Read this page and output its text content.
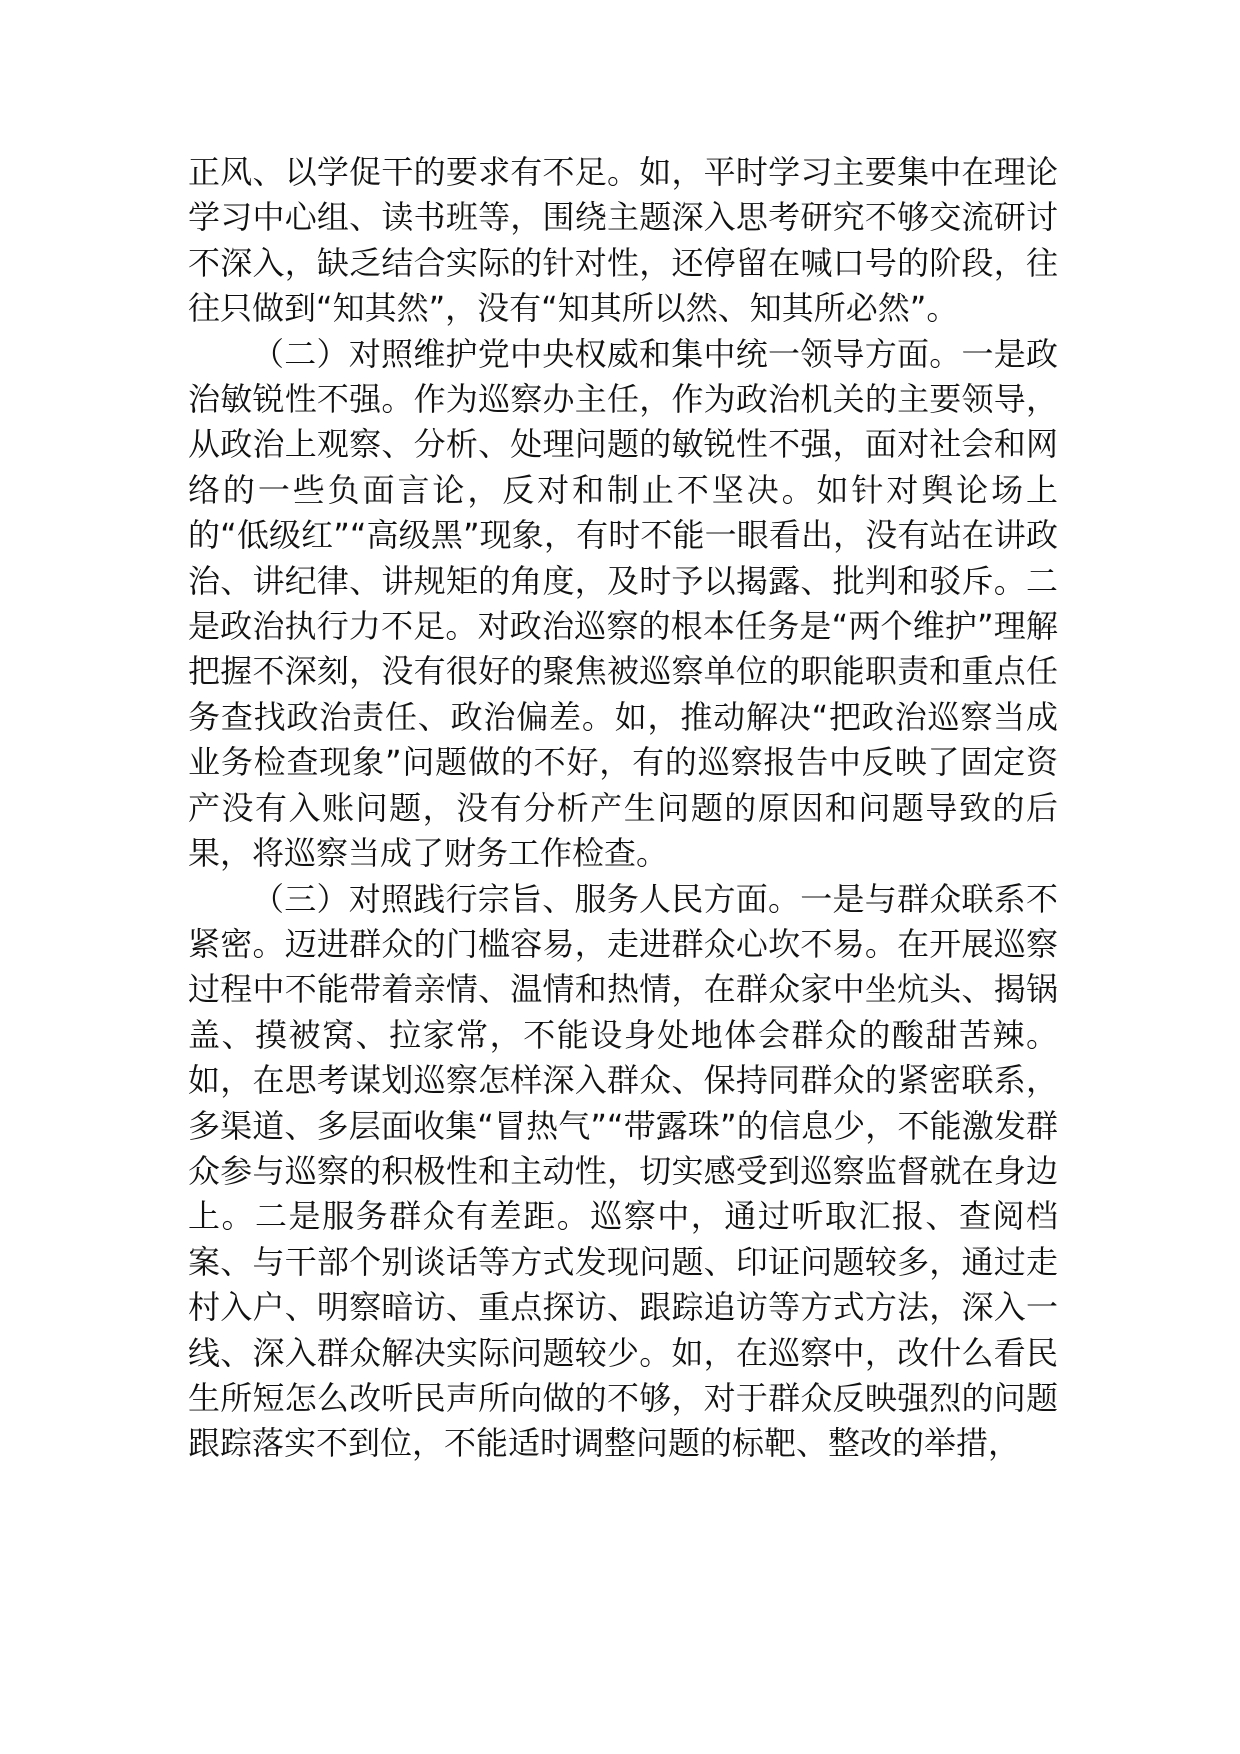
正风、以学促干的要求有不足。如，平时学习主要集中在理论学习中心组、读书班等，围绕主题深入思考研究不够交流研讨不深入，缺乏结合实际的针对性，还停留在喊口号的阶段，往往只做到“知其然”，没有“知其所以然、知其所必然”。

（二）对照维护党中央权威和集中统一领导方面。一是政治敏锐性不强。作为巡察办主任，作为政治机关的主要领导，从政治上观察、分析、处理问题的敏锐性不强，面对社会和网络的一些负面言论，反对和制止不坚决。如针对舆论场上的“低级红”“高级黑”现象，有时不能一眼看出，没有站在讲政治、讲纪律、讲规矩的角度，及时予以揭露、批判和驳斥。二是政治执行力不足。对政治巡察的根本任务是“两个维护”理解把握不深刻，没有很好的聚焦被巡察单位的职能职责和重点任务查找政治责任、政治偏差。如，推动解决“把政治巡察当成业务检查现象”问题做的不好，有的巡察报告中反映了固定资产没有入账问题，没有分析产生问题的原因和问题导致的后果，将巡察当成了财务工作检查。

（三）对照践行宗旨、服务人民方面。一是与群众联系不紧密。迈进群众的门槛容易，走进群众心坎不易。在开展巡察过程中不能带着亲情、温情和热情，在群众家中坐炕头、揭锅盖、摸被窝、拉家常，不能设身处地体会群众的酸甜苦辣。如，在思考谋划巡察怎样深入群众、保持同群众的紧密联系，多渠道、多层面收集“冒热气”“带露珠”的信息少，不能激发群众参与巡察的积极性和主动性，切实感受到巡察监督就在身边上。二是服务群众有差距。巡察中，通过听取汇报、查阅档案、与干部个别谈话等方式发现问题、印证问题较多，通过走村入户、明察暗访、重点探访、跟踪追访等方式方法，深入一线、深入群众解决实际问题较少。如，在巡察中，改什么看民生所短怎么改听民声所向做的不够，对于群众反映强烈的问题跟踪落实不到位，不能适时调整问题的标靶、整改的举措，
